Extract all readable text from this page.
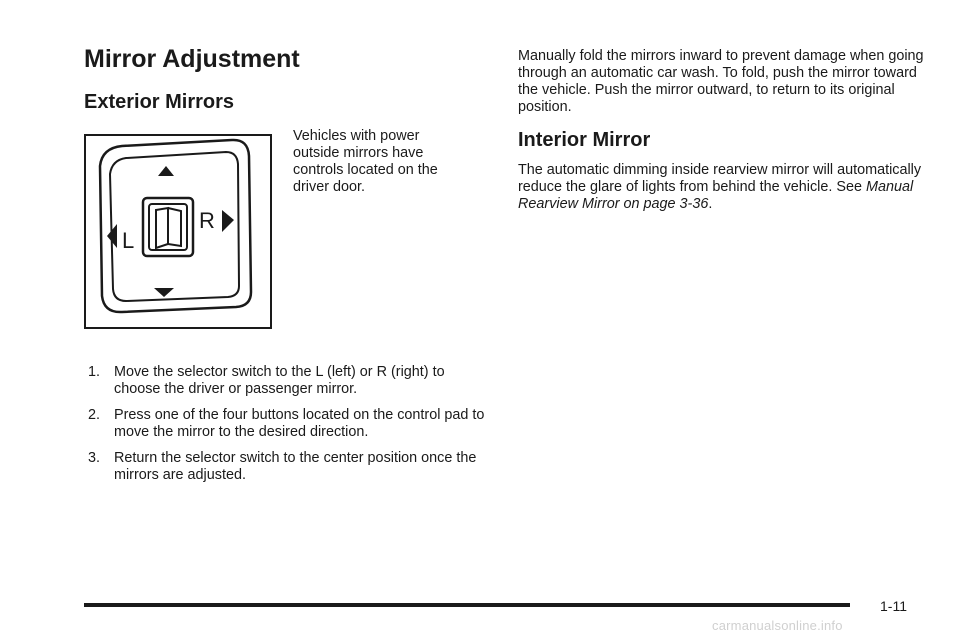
Mirror Adjustment
Exterior Mirrors
L
R
Vehicles with power outside mirrors have controls located on the driver door.
1. Move the selector switch to the L (left) or R (right) to choose the driver or passenger mirror.
2. Press one of the four buttons located on the control pad to move the mirror to the desired direction.
3. Return the selector switch to the center position once the mirrors are adjusted.

Manually fold the mirrors inward to prevent damage when going through an automatic car wash. To fold, push the mirror toward the vehicle. Push the mirror outward, to return to its original position.

Interior Mirror

The automatic dimming inside rearview mirror will automatically reduce the glare of lights from behind the vehicle. See Manual Rearview Mirror on page 3-36.

1-11
carmanualsonline.info
